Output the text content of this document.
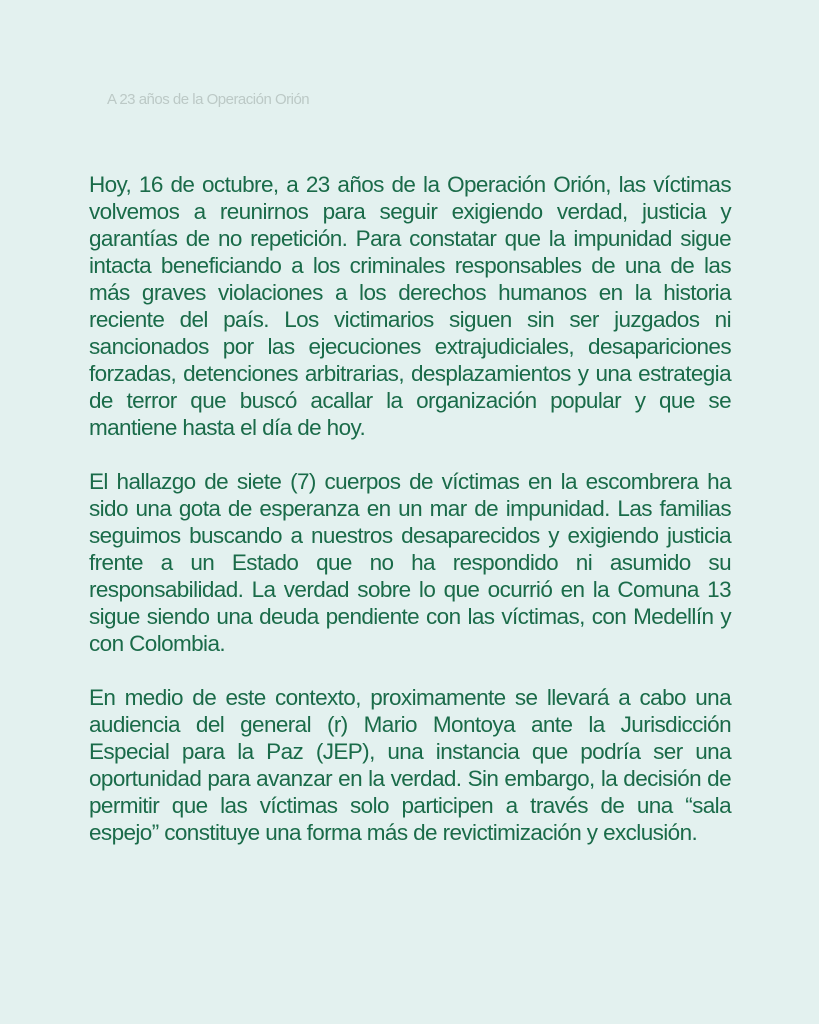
A 23 años de la Operación Orión

Hoy, 16 de octubre, a 23 años de la Operación Orión, las víctimas volvemos a reunirnos para seguir exigiendo verdad, justicia y garantías de no repetición. Para constatar que la impunidad sigue intacta beneficiando a los criminales responsables de una de las más graves violaciones a los derechos humanos en la historia reciente del país. Los victimarios siguen sin ser juzgados ni sancionados por las ejecuciones extrajudiciales, desapariciones forzadas, detenciones arbitrarias, desplazamientos y una estrategia de terror que buscó acallar la organización popular y que se mantiene hasta el día de hoy.

El hallazgo de siete (7) cuerpos de víctimas en la escombrera ha sido una gota de esperanza en un mar de impunidad. Las familias seguimos buscando a nuestros desaparecidos y exigiendo justicia frente a un Estado que no ha respondido ni asumido su responsabilidad. La verdad sobre lo que ocurrió en la Comuna 13 sigue siendo una deuda pendiente con las víctimas, con Medellín y con Colombia.

En medio de este contexto, proximamente se llevará a cabo una audiencia del general (r) Mario Montoya ante la Jurisdicción Especial para la Paz (JEP), una instancia que podría ser una oportunidad para avanzar en la verdad. Sin embargo, la decisión de permitir que las víctimas solo participen a través de una “sala espejo” constituye una forma más de revictimización y exclusión.
